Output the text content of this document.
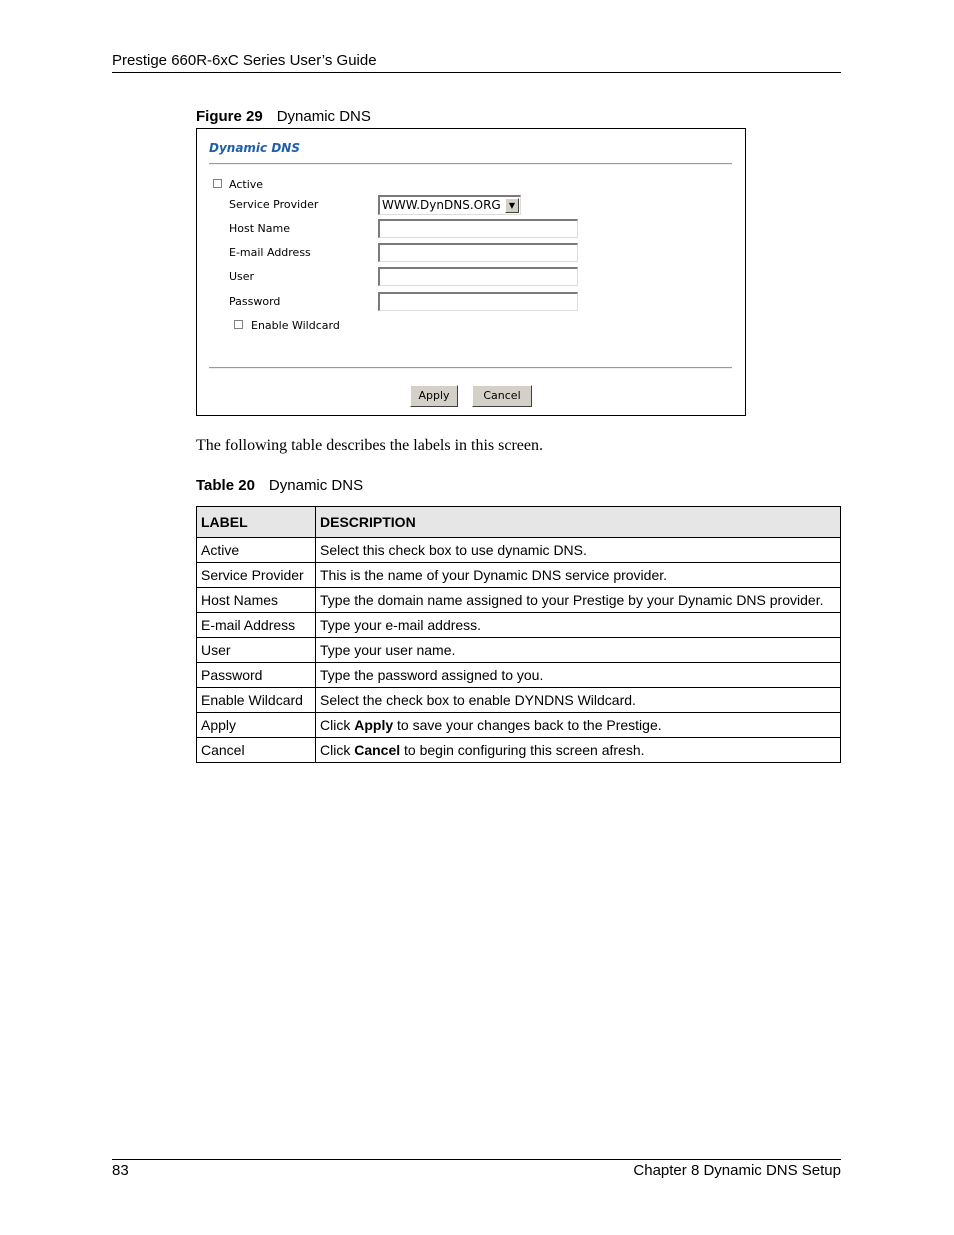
Prestige 660R-6xC Series User’s Guide
Figure 29 Dynamic DNS
Dynamic DNS
Active
Service Provider	WWW.DynDNS.ORG	▼
Host Name
E-mail Address
User
Password
Enable Wildcard
Apply	Cancel
The following table describes the labels in this screen.
Table 20 Dynamic DNS
LABEL	DESCRIPTION
Active	Select this check box to use dynamic DNS.
Service Provider	This is the name of your Dynamic DNS service provider.
Host Names	Type the domain name assigned to your Prestige by your Dynamic DNS provider.
E-mail Address	Type your e-mail address.
User	Type your user name.
Password	Type the password assigned to you.
Enable Wildcard	Select the check box to enable DYNDNS Wildcard.
Apply	Click Apply to save your changes back to the Prestige.
Cancel	Click Cancel to begin configuring this screen afresh.
83	Chapter 8 Dynamic DNS Setup
